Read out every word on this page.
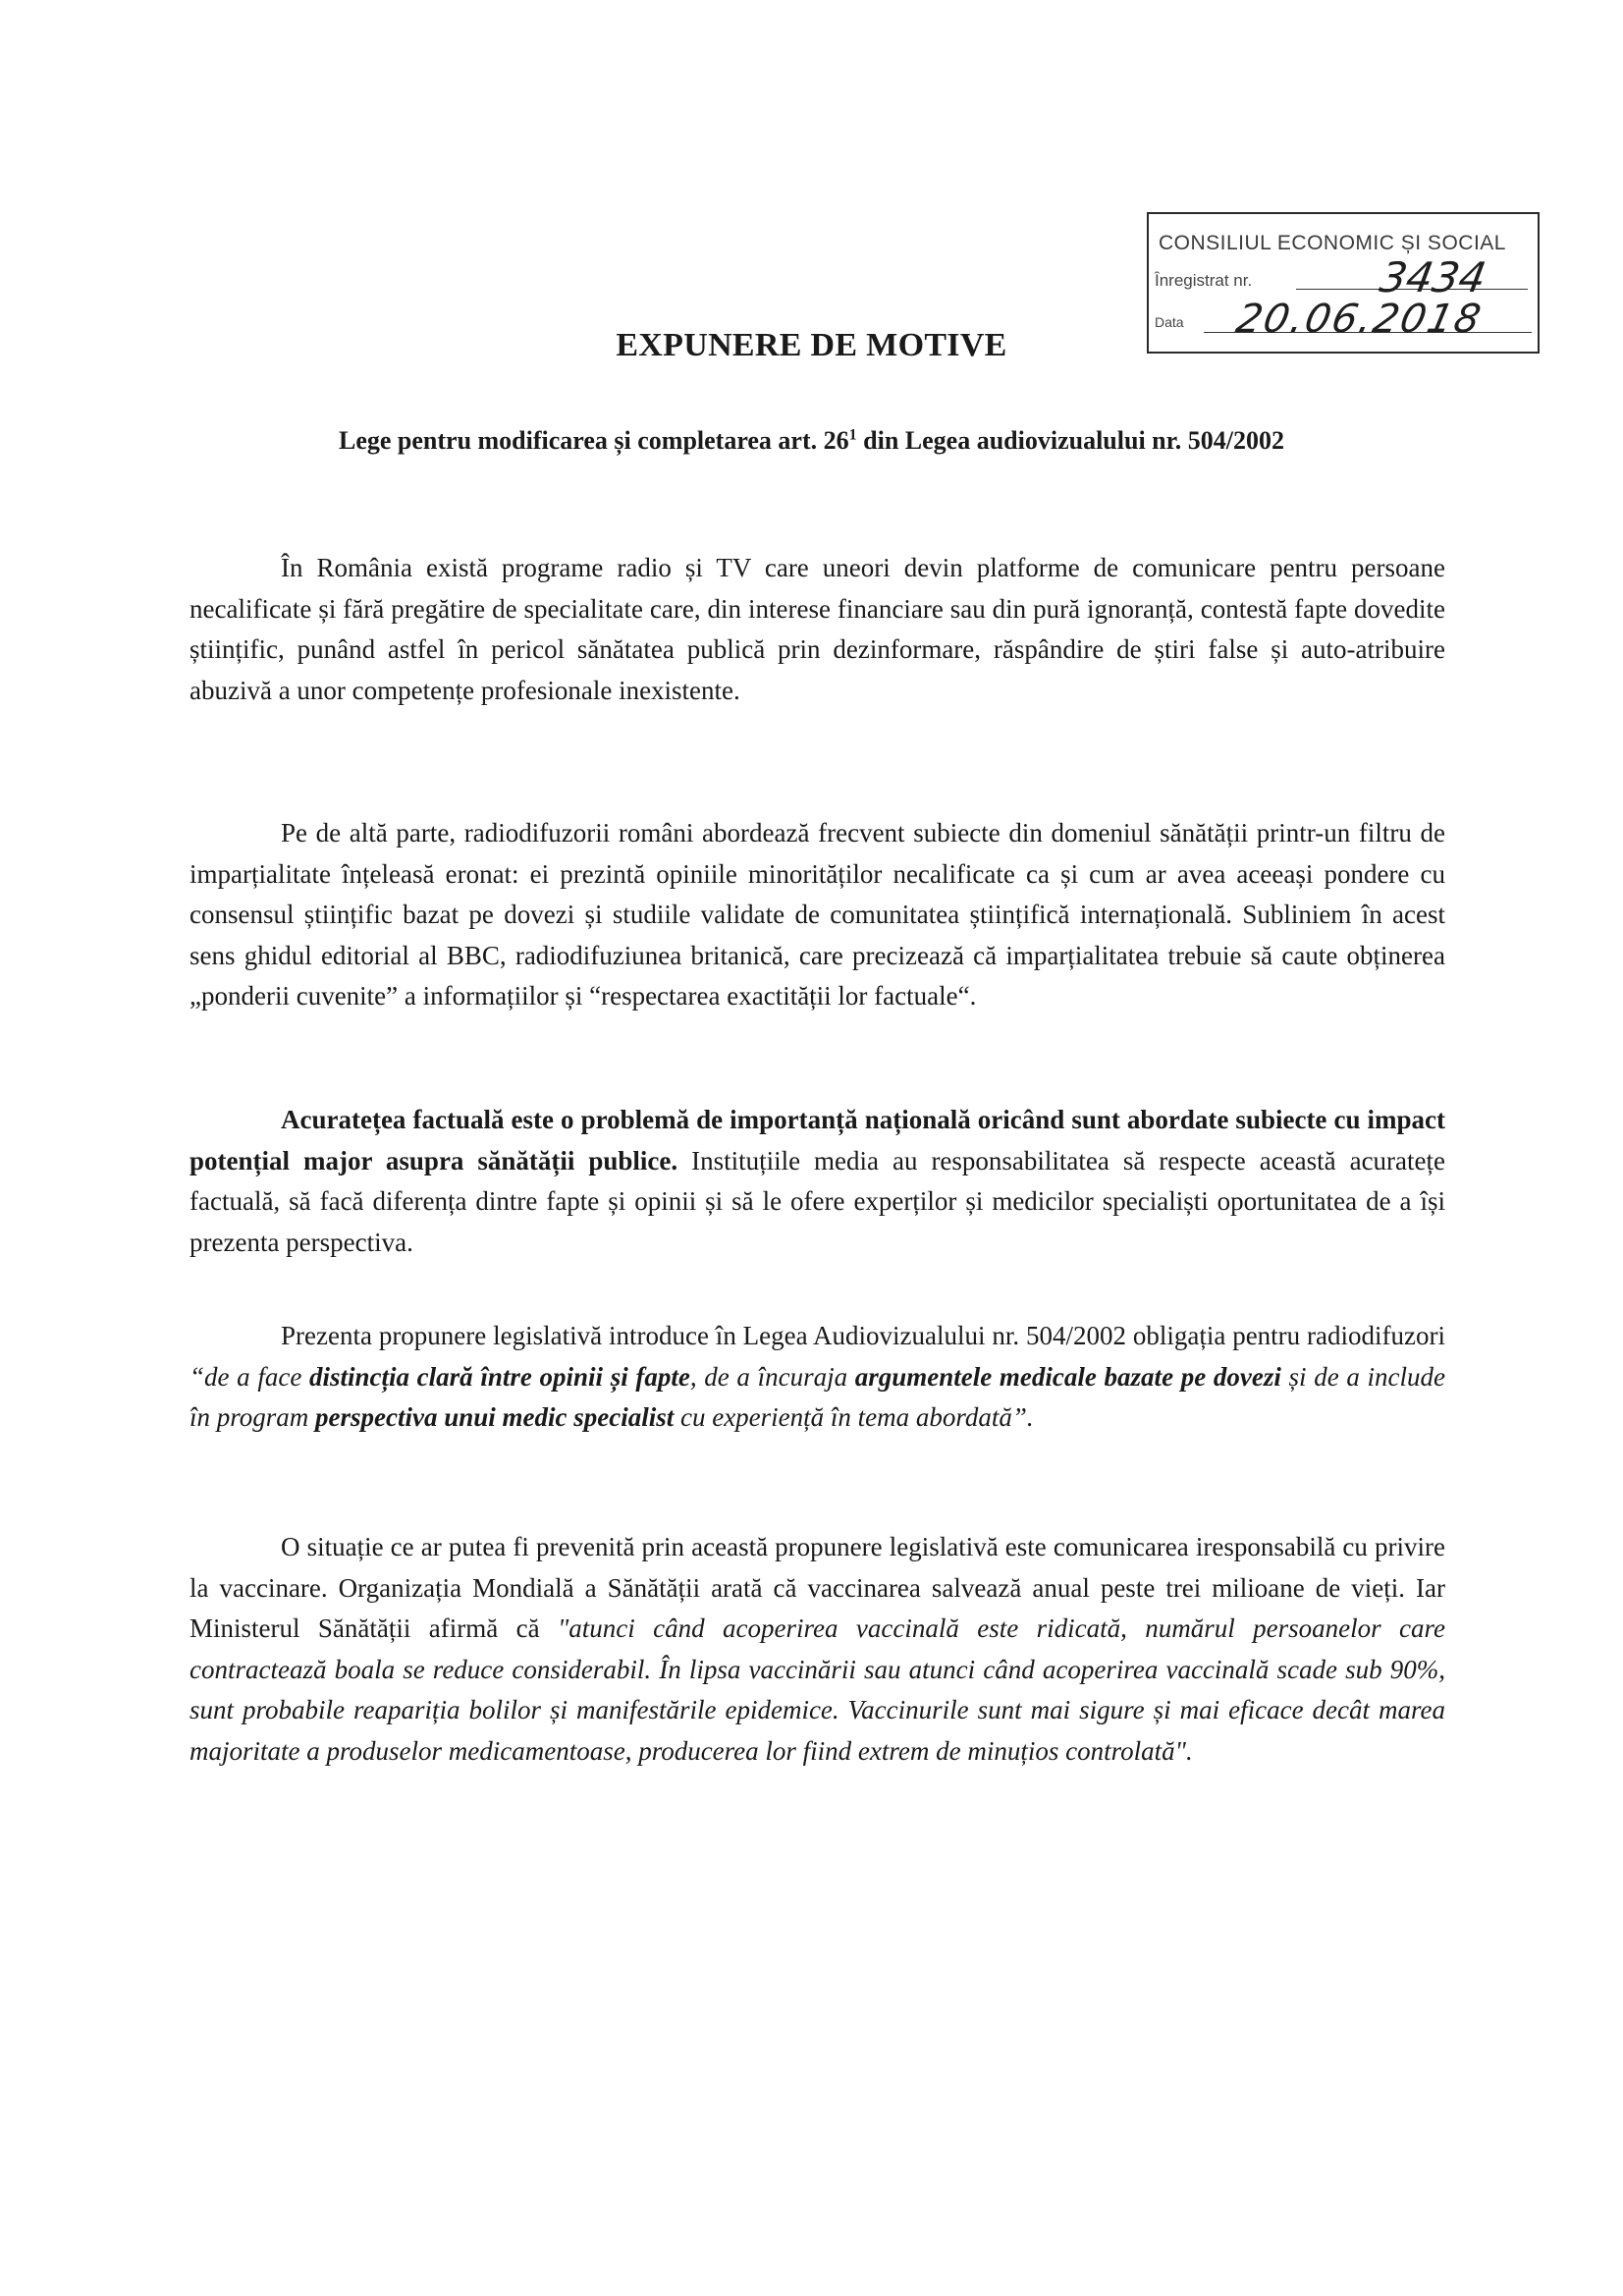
CONSILIUL ECONOMIC ȘI SOCIAL
Înregistrat nr.	3434
Data 20.06.2018
EXPUNERE DE MOTIVE
Lege pentru modificarea și completarea art. $26^1$ din Legea audiovizualului nr. 504/2002
În România există programe radio și TV care uneori devin platforme de comunicare pentru persoane necalificate și fără pregătire de specialitate care, din interese financiare sau din pură ignoranță, contestă fapte dovedite științific, punând astfel în pericol sănătatea publică prin dezinformare, răspândire de știri false și auto-atribuire abuzivă a unor competențe profesionale inexistente.
Pe de altă parte, radiodifuzorii români abordează frecvent subiecte din domeniul sănătății printr-un filtru de imparțialitate înțeleasă eronat: ei prezintă opiniile minorităților necalificate ca și cum ar avea aceeași pondere cu consensul științific bazat pe dovezi și studiile validate de comunitatea științifică internațională. Subliniem în acest sens ghidul editorial al BBC, radiodifuziunea britanică, care precizează că imparțialitatea trebuie să caute obținerea „ponderii cuvenite” a informațiilor și “respectarea exactității lor factuale“.
Acuratețea factuală este o problemă de importanță națională oricând sunt abordate subiecte cu impact potențial major asupra sănătății publice. Instituțiile media au responsabilitatea să respecte această acuratețe factuală, să facă diferența dintre fapte și opinii și să le ofere experților și medicilor specialiști oportunitatea de a își prezenta perspectiva.
Prezenta propunere legislativă introduce în Legea Audiovizualului nr. 504/2002 obligația pentru radiodifuzori “de a face distincția clară între opinii și fapte, de a încuraja argumentele medicale bazate pe dovezi și de a include în program perspectiva unui medic specialist cu experiență în tema abordată”.
O situație ce ar putea fi prevenită prin această propunere legislativă este comunicarea iresponsabilă cu privire la vaccinare. Organizația Mondială a Sănătății arată că vaccinarea salvează anual peste trei milioane de vieți. Iar Ministerul Sănătății afirmă că "atunci când acoperirea vaccinală este ridicată, numărul persoanelor care contractează boala se reduce considerabil. În lipsa vaccinării sau atunci când acoperirea vaccinală scade sub 90%, sunt probabile reapariția bolilor și manifestările epidemice. Vaccinurile sunt mai sigure și mai eficace decât marea majoritate a produselor medicamentoase, producerea lor fiind extrem de minuțios controlată".
